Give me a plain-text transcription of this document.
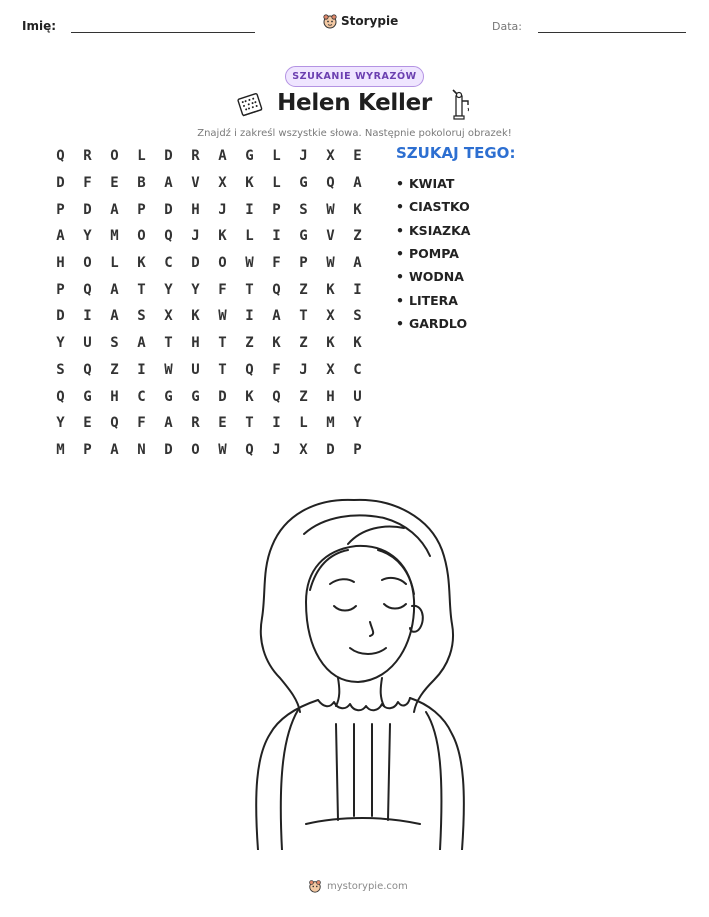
Imię:	Storypie	Data:
SZUKANIE WYRAZÓW
Helen Keller
Znajdź i zakreśl wszystkie słowa. Następnie pokoloruj obrazek!
Q	R	O	L	D	R	A	G	L	J	X	E
D	F	E	B	A	V	X	K	L	G	Q	A
P	D	A	P	D	H	J	I	P	S	W	K
A	Y	M	O	Q	J	K	L	I	G	V	Z
H	O	L	K	C	D	O	W	F	P	W	A
P	Q	A	T	Y	Y	F	T	Q	Z	K	I
D	I	A	S	X	K	W	I	A	T	X	S
Y	U	S	A	T	H	T	Z	K	Z	K	K
S	Q	Z	I	W	U	T	Q	F	J	X	C
Q	G	H	C	G	G	D	K	Q	Z	H	U
Y	E	Q	F	A	R	E	T	I	L	M	Y
M	P	A	N	D	O	W	Q	J	X	D	P
SZUKAJ TEGO:
• KWIAT
• CIASTKO
• KSIAZKA
• POMPA
• WODNA
• LITERA
• GARDLO
mystorypie.com
